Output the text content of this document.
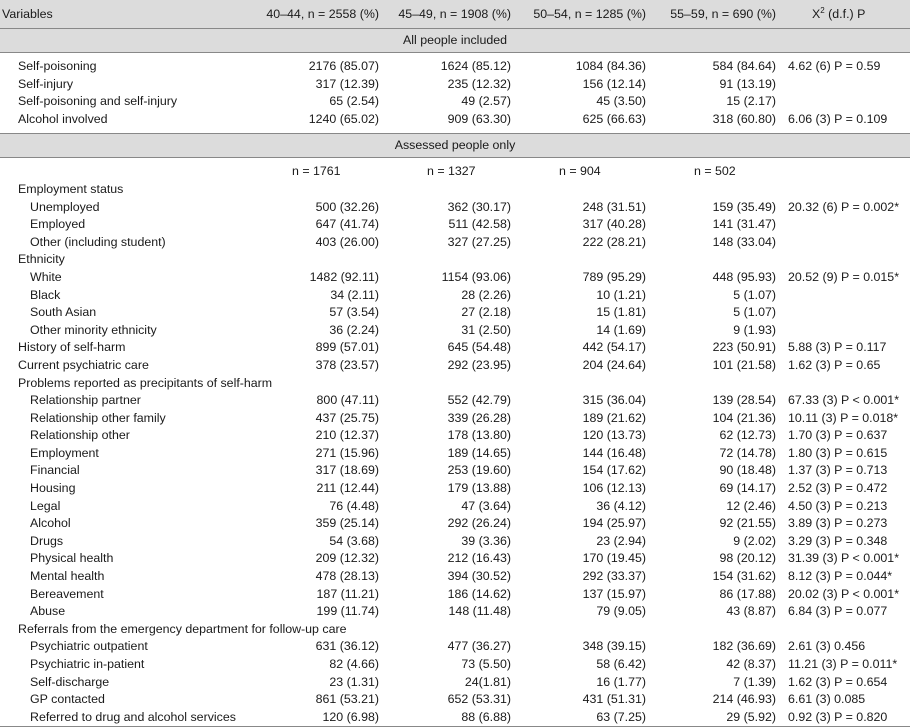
Variables	40–44, n = 2558 (%)	45–49, n = 1908 (%)	50–54, n = 1285 (%)	55–59, n = 690 (%)	$X^2$ (d.f.) P
All people included					

Self-poisoning	2176 (85.07)	1624 (85.12)	1084 (84.36)	584 (84.64)	4.62 (6) P = 0.59
Self-injury	317 (12.39)	235 (12.32)	156 (12.14)	91 (13.19)	
Self-poisoning and self-injury	65 (2.54)	49 (2.57)	45 (3.50)	15 (2.17)	
Alcohol involved	1240 (65.02)	909 (63.30)	625 (66.63)	318 (60.80)	6.06 (3) P = 0.109

Assessed people only					

	n = 1761	n = 1327	n = 904	n = 502	
Employment status					
Unemployed	500 (32.26)	362 (30.17)	248 (31.51)	159 (35.49)	20.32 (6) P = 0.002*
Employed	647 (41.74)	511 (42.58)	317 (40.28)	141 (31.47)	
Other (including student)	403 (26.00)	327 (27.25)	222 (28.21)	148 (33.04)	
Ethnicity					
White	1482 (92.11)	1154 (93.06)	789 (95.29)	448 (95.93)	20.52 (9) P = 0.015*
Black	34 (2.11)	28 (2.26)	10 (1.21)	5 (1.07)	
South Asian	57 (3.54)	27 (2.18)	15 (1.81)	5 (1.07)	
Other minority ethnicity	36 (2.24)	31 (2.50)	14 (1.69)	9 (1.93)	
History of self-harm	899 (57.01)	645 (54.48)	442 (54.17)	223 (50.91)	5.88 (3) P = 0.117
Current psychiatric care	378 (23.57)	292 (23.95)	204 (24.64)	101 (21.58)	1.62 (3) P = 0.65
Problems reported as precipitants of self-harm					
Relationship partner	800 (47.11)	552 (42.79)	315 (36.04)	139 (28.54)	67.33 (3) P < 0.001*
Relationship other family	437 (25.75)	339 (26.28)	189 (21.62)	104 (21.36)	10.11 (3) P = 0.018*
Relationship other	210 (12.37)	178 (13.80)	120 (13.73)	62 (12.73)	1.70 (3) P = 0.637
Employment	271 (15.96)	189 (14.65)	144 (16.48)	72 (14.78)	1.80 (3) P = 0.615
Financial	317 (18.69)	253 (19.60)	154 (17.62)	90 (18.48)	1.37 (3) P = 0.713
Housing	211 (12.44)	179 (13.88)	106 (12.13)	69 (14.17)	2.52 (3) P = 0.472
Legal	76 (4.48)	47 (3.64)	36 (4.12)	12 (2.46)	4.50 (3) P = 0.213
Alcohol	359 (25.14)	292 (26.24)	194 (25.97)	92 (21.55)	3.89 (3) P = 0.273
Drugs	54 (3.68)	39 (3.36)	23 (2.94)	9 (2.02)	3.29 (3) P = 0.348
Physical health	209 (12.32)	212 (16.43)	170 (19.45)	98 (20.12)	31.39 (3) P < 0.001*
Mental health	478 (28.13)	394 (30.52)	292 (33.37)	154 (31.62)	8.12 (3) P = 0.044*
Bereavement	187 (11.21)	186 (14.62)	137 (15.97)	86 (17.88)	20.02 (3) P < 0.001*
Abuse	199 (11.74)	148 (11.48)	79 (9.05)	43 (8.87)	6.84 (3) P = 0.077
Referrals from the emergency department for follow-up care					
Psychiatric outpatient	631 (36.12)	477 (36.27)	348 (39.15)	182 (36.69)	2.61 (3) 0.456
Psychiatric in-patient	82 (4.66)	73 (5.50)	58 (6.42)	42 (8.37)	11.21 (3) P = 0.011*
Self-discharge	23 (1.31)	24(1.81)	16 (1.77)	7 (1.39)	1.62 (3) P = 0.654
GP contacted	861 (53.21)	652 (53.31)	431 (51.31)	214 (46.93)	6.61 (3) 0.085
Referred to drug and alcohol services	120 (6.98)	88 (6.88)	63 (7.25)	29 (5.92)	0.92 (3) P = 0.820
